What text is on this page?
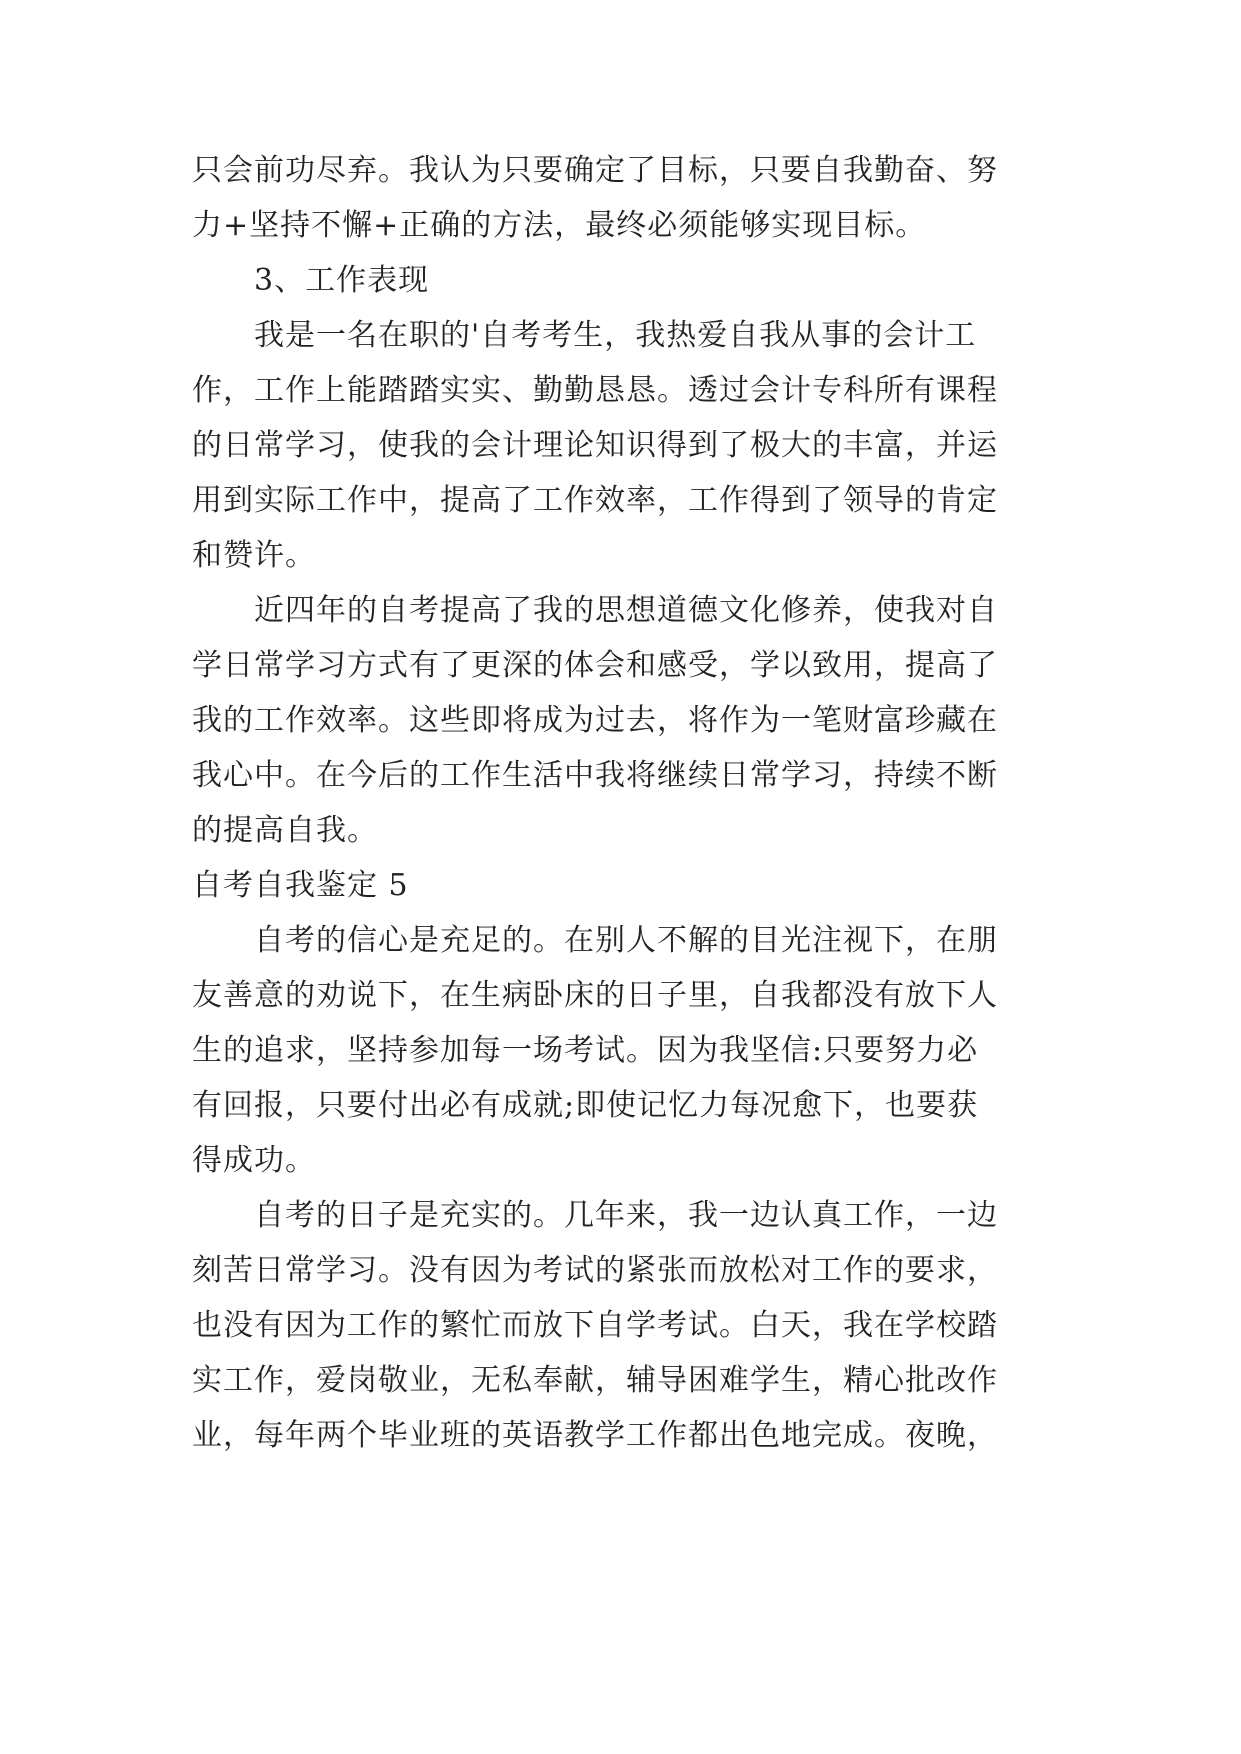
只会前功尽弃。我认为只要确定了目标，只要自我勤奋、努
力+坚持不懈+正确的方法，最终必须能够实现目标。
3、工作表现
我是一名在职的'自考考生，我热爱自我从事的会计工
作，工作上能踏踏实实、勤勤恳恳。透过会计专科所有课程
的日常学习，使我的会计理论知识得到了极大的丰富，并运
用到实际工作中，提高了工作效率，工作得到了领导的肯定
和赞许。
近四年的自考提高了我的思想道德文化修养，使我对自
学日常学习方式有了更深的体会和感受，学以致用，提高了
我的工作效率。这些即将成为过去，将作为一笔财富珍藏在
我心中。在今后的工作生活中我将继续日常学习，持续不断
的提高自我。
自考自我鉴定 5
自考的信心是充足的。在别人不解的目光注视下，在朋
友善意的劝说下，在生病卧床的日子里，自我都没有放下人
生的追求，坚持参加每一场考试。因为我坚信:只要努力必
有回报，只要付出必有成就;即使记忆力每况愈下，也要获
得成功。
自考的日子是充实的。几年来，我一边认真工作，一边
刻苦日常学习。没有因为考试的紧张而放松对工作的要求，
也没有因为工作的繁忙而放下自学考试。白天，我在学校踏
实工作，爱岗敬业，无私奉献，辅导困难学生，精心批改作
业，每年两个毕业班的英语教学工作都出色地完成。夜晚，
